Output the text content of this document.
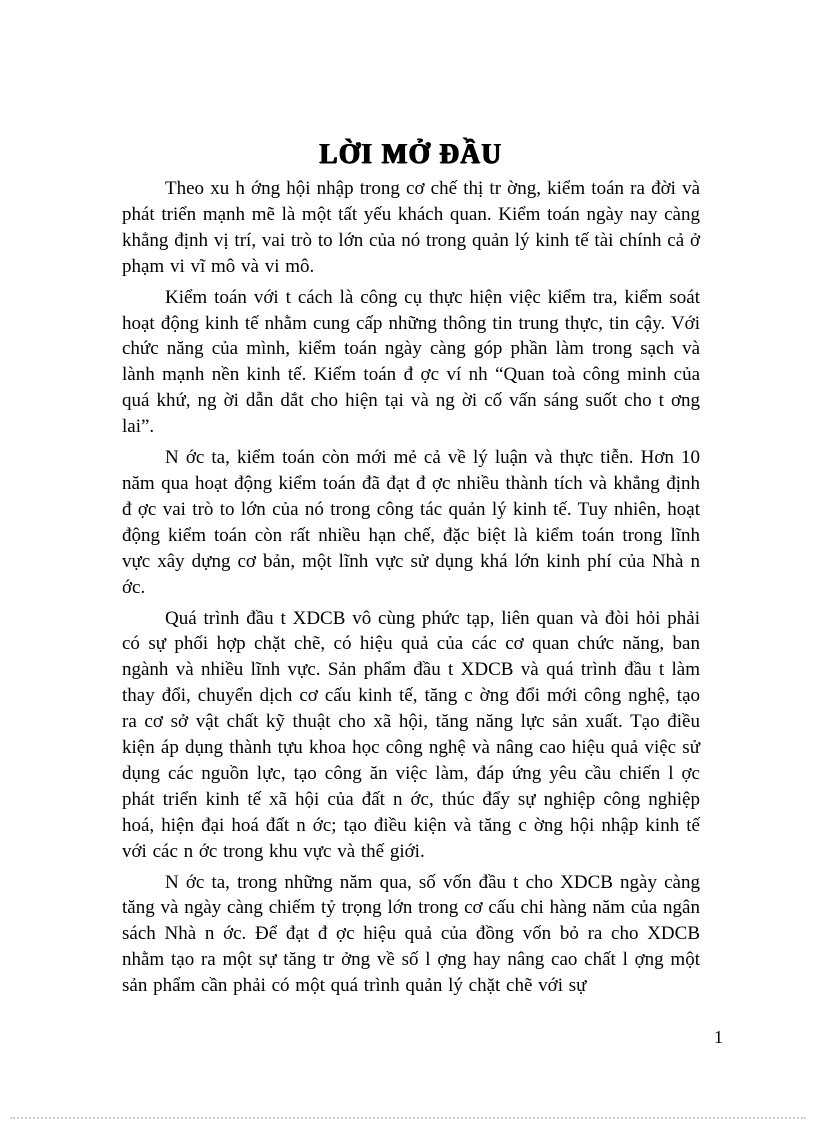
LỜI MỞ ĐẦU

Theo xu h ớng hội nhập trong cơ chế thị tr ờng, kiểm toán ra đời và phát triển mạnh mẽ là một tất yếu khách quan. Kiểm toán ngày nay càng khẳng định vị trí, vai trò to lớn của nó trong quản lý kinh tế tài chính cả ở phạm vi vĩ mô và vi mô.

Kiểm toán với t cách là công cụ thực hiện việc kiểm tra, kiểm soát hoạt động kinh tế nhằm cung cấp những thông tin trung thực, tin cậy. Với chức năng của mình, kiểm toán ngày càng góp phần làm trong sạch và lành mạnh nền kinh tế. Kiểm toán đ ợc ví nh “Quan toà công minh của quá khứ, ng ời dẫn dắt cho hiện tại và ng ời cố vấn sáng suốt cho t ơng lai”.

N ớc ta, kiểm toán còn mới mẻ cả về lý luận và thực tiễn. Hơn 10 năm qua hoạt động kiểm toán đã đạt đ ợc nhiều thành tích và khẳng định đ ợc vai trò to lớn của nó trong công tác quản lý kinh tế. Tuy nhiên, hoạt động kiểm toán còn rất nhiều hạn chế, đặc biệt là kiểm toán trong lĩnh vực xây dựng cơ bản, một lĩnh vực sử dụng khá lớn kinh phí của Nhà n ớc.

Quá trình đầu t XDCB vô cùng phức tạp, liên quan và đòi hỏi phải có sự phối hợp chặt chẽ, có hiệu quả của các cơ quan chức năng, ban ngành và nhiều lĩnh vực. Sản phẩm đầu t XDCB và quá trình đầu t làm thay đổi, chuyển dịch cơ cấu kinh tế, tăng c ờng đổi mới công nghệ, tạo ra cơ sở vật chất kỹ thuật cho xã hội, tăng năng lực sản xuất. Tạo điều kiện áp dụng thành tựu khoa học công nghệ và nâng cao hiệu quả việc sử dụng các nguồn lực, tạo công ăn việc làm, đáp ứng yêu cầu chiến l ợc phát triển kinh tế xã hội của đất n ớc, thúc đẩy sự nghiệp công nghiệp hoá, hiện đại hoá đất n ớc; tạo điều kiện và tăng c ờng hội nhập kinh tế với các n ớc trong khu vực và thế giới.

N ớc ta, trong những năm qua, số vốn đầu t cho XDCB ngày càng tăng và ngày càng chiếm tỷ trọng lớn trong cơ cấu chi hàng năm của ngân sách Nhà n ớc. Để đạt đ ợc hiệu quả của đồng vốn bỏ ra cho XDCB nhằm tạo ra một sự tăng tr ởng về số l ợng hay nâng cao chất l ợng một sản phẩm cần phải có một quá trình quản lý chặt chẽ với sự

1
